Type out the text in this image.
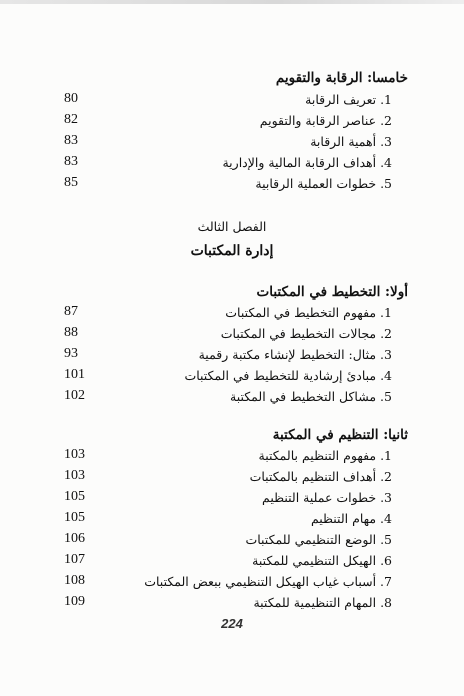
خامسا: الرقابة والتقويم
1. تعريف الرقابة
80
2. عناصر الرقابة والتقويم
82
3. أهمية الرقابة
83
4. أهداف الرقابة المالية والإدارية
83
5. خطوات العملية الرقابية
85
الفصل الثالث
إدارة المكتبات
أولا: التخطيط في المكتبات
1. مفهوم التخطيط في المكتبات
87
2. مجالات التخطيط في المكتبات
88
3. مثال: التخطيط لإنشاء مكتبة رقمية
93
4. مبادئ إرشادية للتخطيط في المكتبات
101
5. مشاكل التخطيط في المكتبة
102
ثانيا: التنظيم في المكتبة
1. مفهوم التنظيم بالمكتبة
103
2. أهداف التنظيم بالمكتبات
103
3. خطوات عملية التنظيم
105
4. مهام التنظيم
105
5. الوضع التنظيمي للمكتبات
106
6. الهيكل التنظيمي للمكتبة
107
7. أسباب غياب الهيكل التنظيمي ببعض المكتبات
108
8. المهام التنظيمية للمكتبة
109
224
